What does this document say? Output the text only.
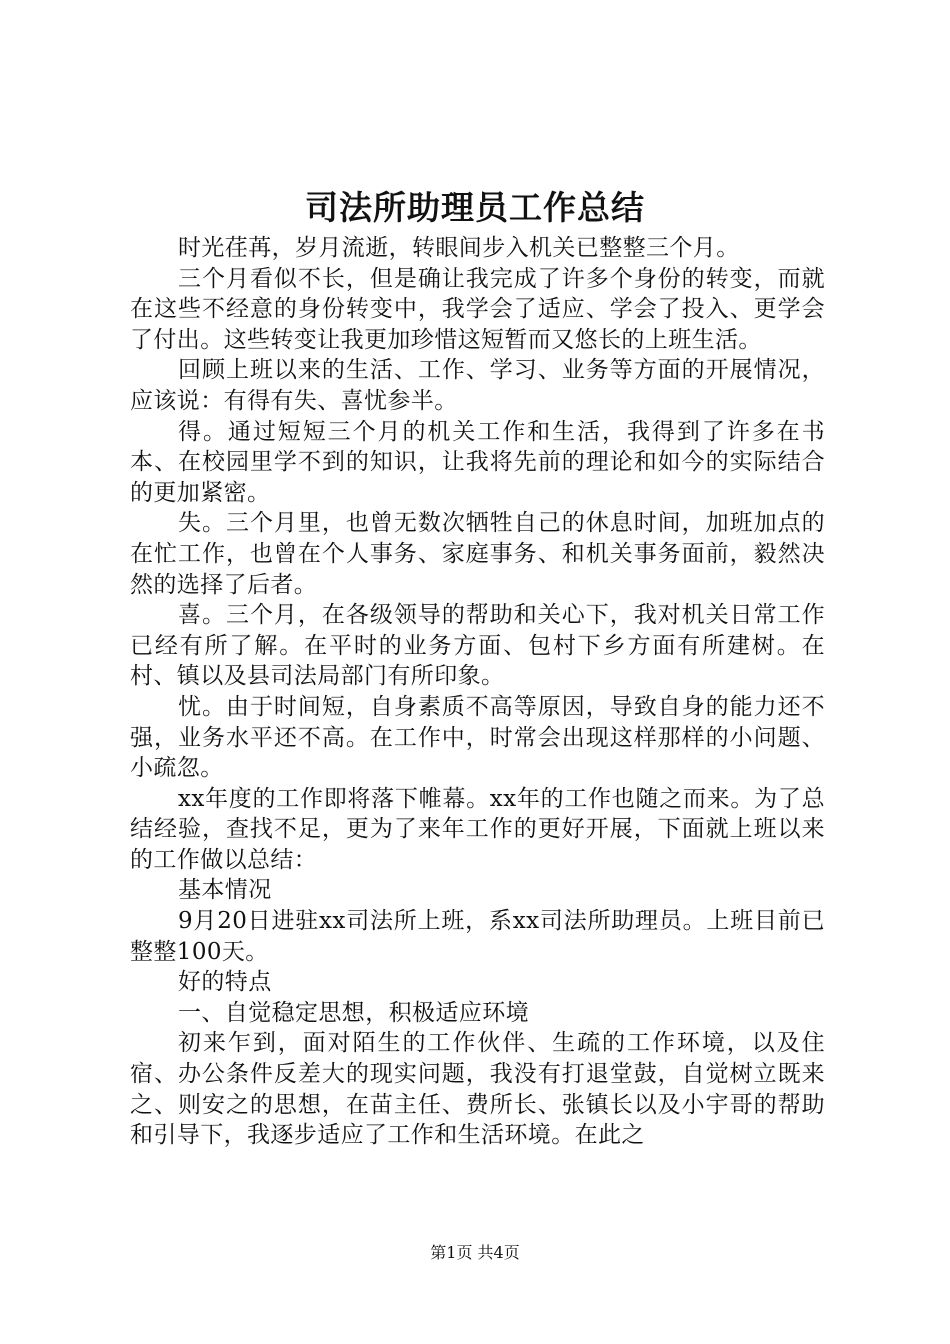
司法所助理员工作总结

时光荏苒，岁月流逝，转眼间步入机关已整整三个月。

三个月看似不长，但是确让我完成了许多个身份的转变，而就在这些不经意的身份转变中，我学会了适应、学会了投入、更学会了付出。这些转变让我更加珍惜这短暂而又悠长的上班生活。

回顾上班以来的生活、工作、学习、业务等方面的开展情况，应该说：有得有失、喜忧参半。

得。通过短短三个月的机关工作和生活，我得到了许多在书本、在校园里学不到的知识，让我将先前的理论和如今的实际结合的更加紧密。

失。三个月里，也曾无数次牺牲自己的休息时间，加班加点的在忙工作，也曾在个人事务、家庭事务、和机关事务面前，毅然决然的选择了后者。

喜。三个月，在各级领导的帮助和关心下，我对机关日常工作已经有所了解。在平时的业务方面、包村下乡方面有所建树。在村、镇以及县司法局部门有所印象。

忧。由于时间短，自身素质不高等原因，导致自身的能力还不强，业务水平还不高。在工作中，时常会出现这样那样的小问题、小疏忽。

xx年度的工作即将落下帷幕。xx年的工作也随之而来。为了总结经验，查找不足，更为了来年工作的更好开展，下面就上班以来的工作做以总结：

基本情况

9月20日进驻xx司法所上班，系xx司法所助理员。上班目前已整整100天。

好的特点

一、自觉稳定思想，积极适应环境

初来乍到，面对陌生的工作伙伴、生疏的工作环境，以及住宿、办公条件反差大的现实问题，我没有打退堂鼓，自觉树立既来之、则安之的思想，在苗主任、费所长、张镇长以及小宇哥的帮助和引导下，我逐步适应了工作和生活环境。在此之

第1页 共4页
